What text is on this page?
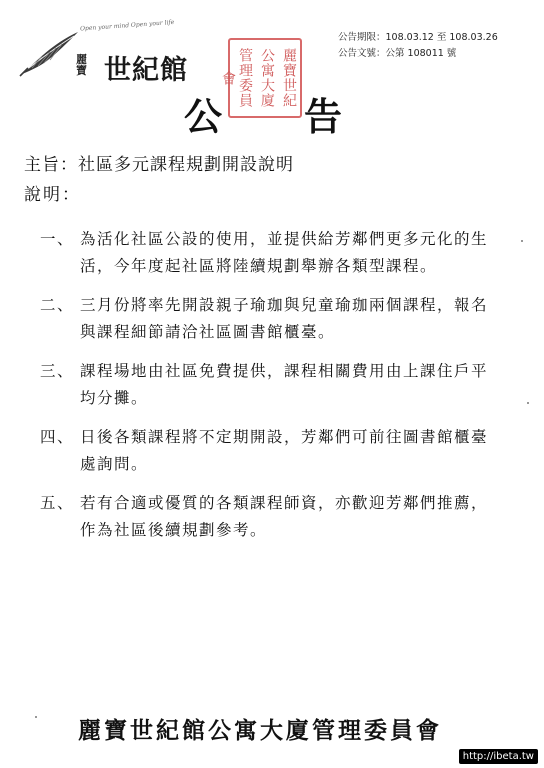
Open your mind Open your life
麗寶 世紀館
公告期限：108.03.12 至 108.03.26
公告文號：公第 108011 號
公
麗寶世紀
公寓大廈
管理委員會
告
主旨：社區多元課程規劃開設說明
說明：
一、 為活化社區公設的使用，並提供給芳鄰們更多元化的生
活，今年度起社區將陸續規劃舉辦各類型課程。
二、 三月份將率先開設親子瑜珈與兒童瑜珈兩個課程，報名
與課程細節請洽社區圖書館櫃臺。
三、 課程場地由社區免費提供，課程相關費用由上課住戶平
均分攤。
四、 日後各類課程將不定期開設，芳鄰們可前往圖書館櫃臺
處詢問。
五、 若有合適或優質的各類課程師資，亦歡迎芳鄰們推薦，
作為社區後續規劃參考。
麗寶世紀館公寓大廈管理委員會
http://ibeta.tw
